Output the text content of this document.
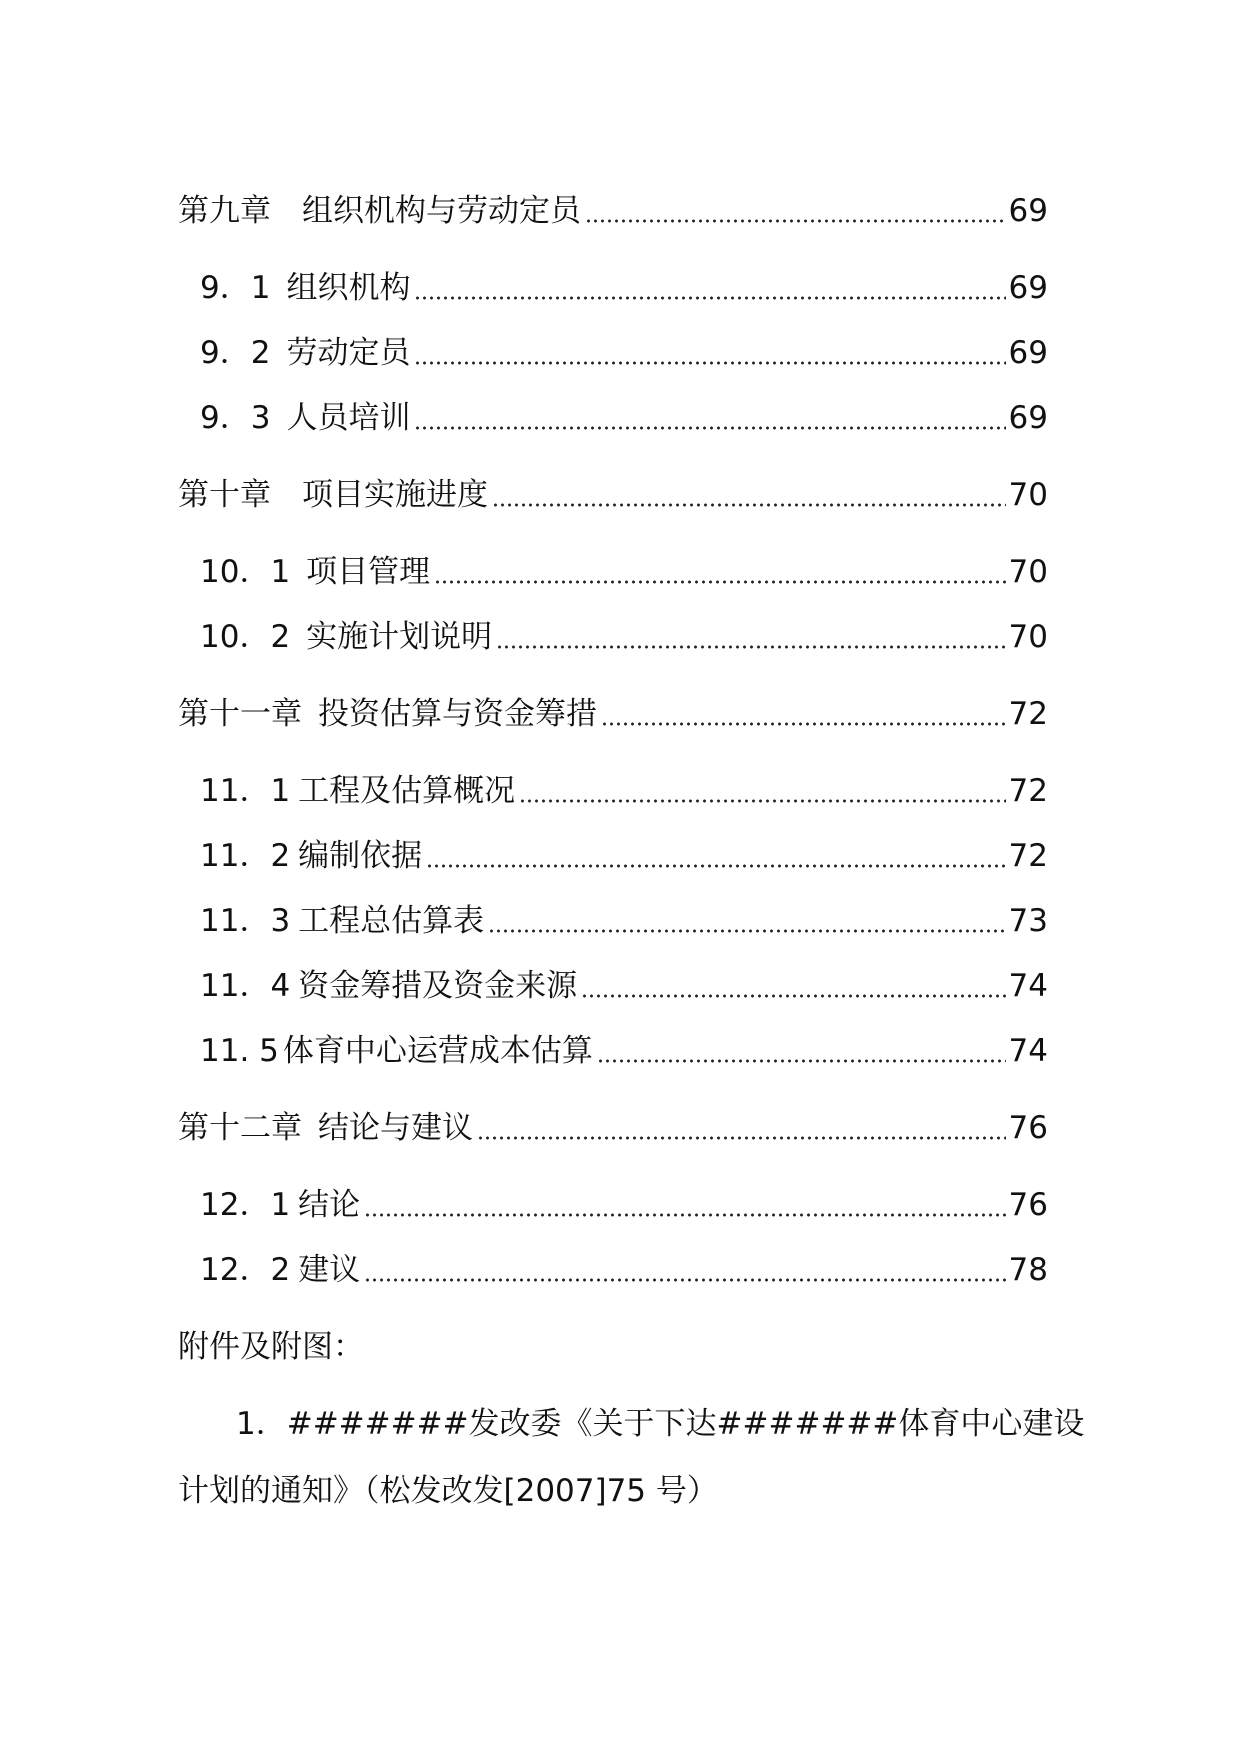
第九章 组织机构与劳动定员	69
9．1 组织机构	69
9．2 劳动定员	69
9．3 人员培训	69
第十章 项目实施进度	70
10．1 项目管理	70
10．2 实施计划说明	70
第十一章 投资估算与资金筹措	72
11．1 工程及估算概况	72
11．2 编制依据	72
11．3 工程总估算表	73
11．4 资金筹措及资金来源	74
11. 5 体育中心运营成本估算	74
第十二章 结论与建议	76
12．1 结论	76
12．2 建议	78
附件及附图：
1．#######发改委《关于下达#######体育中心建设
计划的通知》（松发改发[2007]75 号）
